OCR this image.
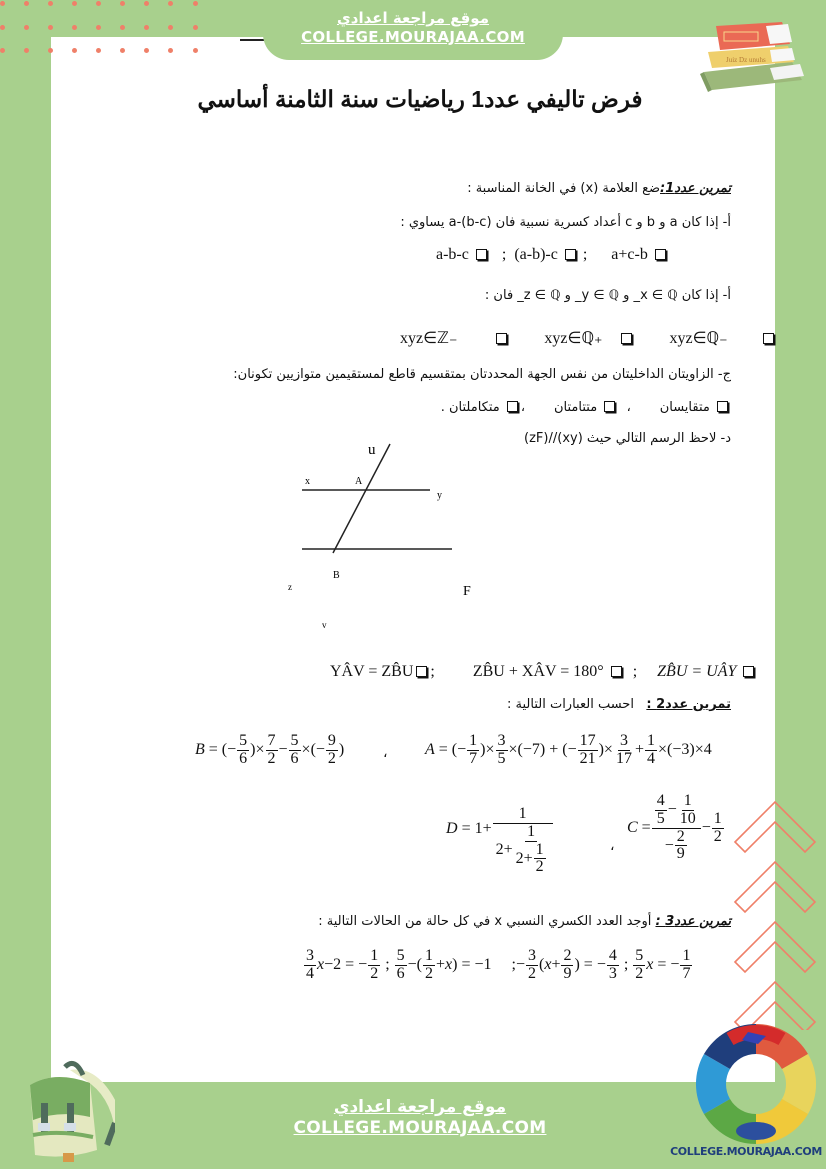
موقع مراجعة اعدادي
COLLEGE.MOURAJAA.COM
Juiz Dz unuhs
فرض تاليفي عدد1 رياضيات سنة الثامنة أساسي
تمرين عدد1:ضع العلامة (x) في الخانة المناسبة :
أ- إذا كان a و b و c أعداد كسرية نسبية فان a-(b-c) يساوي :
a-b-c ; (a-b)-c ; a+c-b
أ- إذا كان x ∈ ℚ_ و y ∈ ℚ_ و z ∈ ℚ_ فان :
xyz∈ℤ₋	xyz∈ℚ₊	xyz∈ℚ₋
ج- الزاويتان الداخليتان من نفس الجهة المحددتان بمتقسيم قاطع لمستقيمين متوازيين تكونان:
متقايسان       ،   متتامتان       ، متكاملتان .
د- لاحظ الرسم التالي حيث (xy)//(zF)
u
x	A
y
B
z	F
v
YÂV = ZB̂U ;  ZB̂U + XÂV = 180°   ;     ZB̂U = UÂY
تمرين عدد2 :   احسب العبارات التالية :
B = (− $\frac{5}{6}$ )× $\frac{7}{2} - \frac{5}{6}$ ×(− $\frac{9}{2}$ )	، A = (− $\frac{1}{7}$ )× $\frac{3}{5} \times(-7)$ + (− $\frac{17}{21}$ )× $\frac{3}{17} + \frac{1}{4} \times(-3)\times 4$
$D = 1+ \frac{1}{2+ \frac{1}{2+ \frac{1}{2}}}$	،
$C = \frac{\frac{4}{5} - \frac{1}{10}}{- \frac{2}{9}} - \frac{1}{2}$
تمرين عدد3 : أوجد العدد الكسري النسبي x في كل حالة من الحالات التالية :
$\frac{3}{4} x-2$ = − $\frac{1}{2}$ ; $\frac{5}{6}$ −( $\frac{1}{2} +x) = -1$     ;− $\frac{3}{2} (x+ \frac{2}{9}$ ) = − $\frac{4}{3}$ ; $\frac{5}{2}$ x = − $\frac{1}{7}$
موقع مراجعة اعدادي
COLLEGE.MOURAJAA.COM
COLLEGE.MOURAJAA.COM
